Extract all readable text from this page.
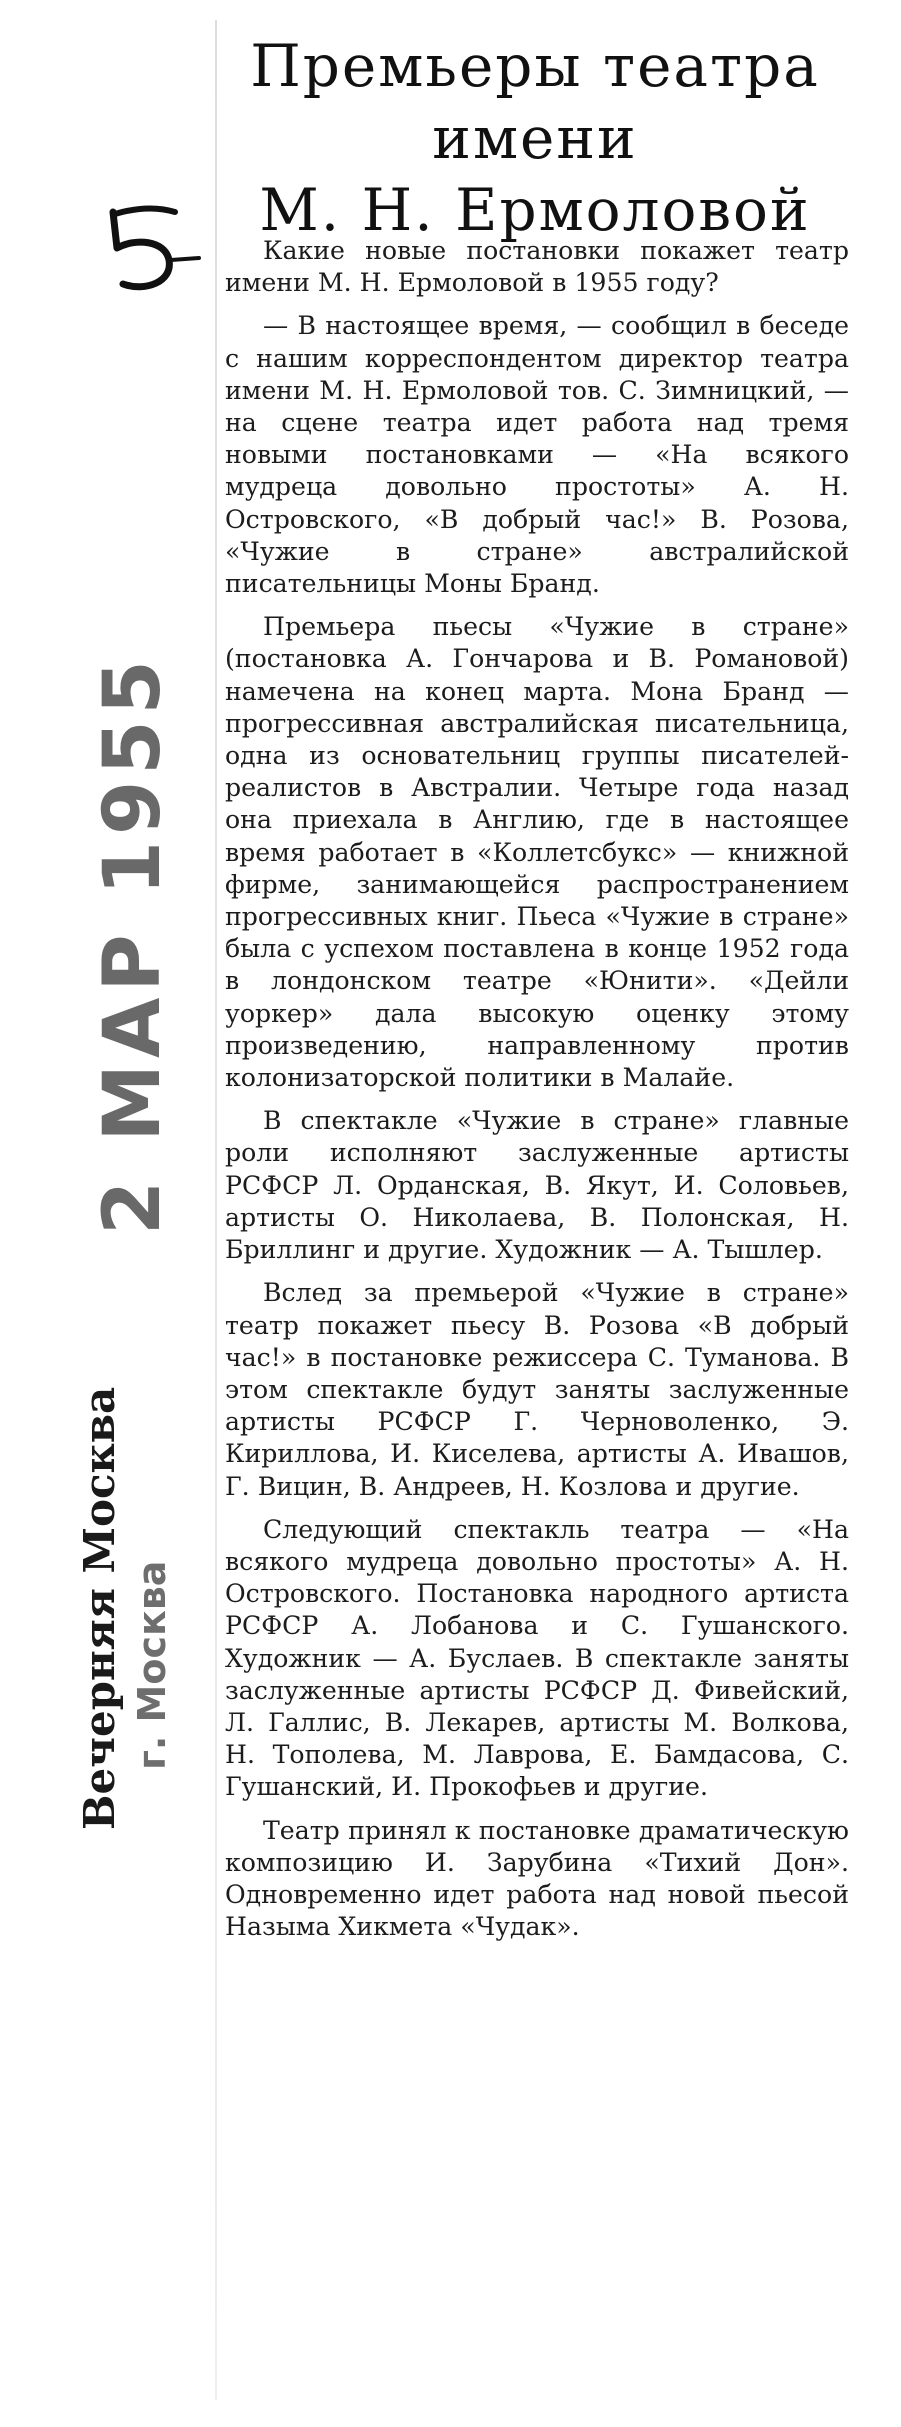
Премьеры театра
имени
М. Н. Ермоловой
2 МАР 1955
Вечерняя Москва г. Москва

Какие новые постановки покажет театр имени М. Н. Ермоловой в 1955 году?

— В настоящее время, — сообщил в беседе с нашим корреспондентом директор театра имени М. Н. Ермоловой тов. С. Зимницкий, — на сцене театра идет работа над тремя новыми постановками — «На всякого мудреца довольно простоты» А. Н. Островского, «В добрый час!» В. Розова, «Чужие в стране» австралийской писательницы Моны Бранд.

Премьера пьесы «Чужие в стране» (постановка А. Гончарова и В. Романовой) намечена на конец марта. Мона Бранд — прогрессивная австралийская писательница, одна из основательниц группы писателей-реалистов в Австралии. Четыре года назад она приехала в Англию, где в настоящее время работает в «Коллетсбукс» — книжной фирме, занимающейся распространением прогрессивных книг. Пьеса «Чужие в стране» была с успехом поставлена в конце 1952 года в лондонском театре «Юнити». «Дейли уоркер» дала высокую оценку этому произведению, направленному против колонизаторской политики в Малайе.

В спектакле «Чужие в стране» главные роли исполняют заслуженные артисты РСФСР Л. Орданская, В. Якут, И. Соловьев, артисты О. Николаева, В. Полонская, Н. Бриллинг и другие. Художник — А. Тышлер.

Вслед за премьерой «Чужие в стране» театр покажет пьесу В. Розова «В добрый час!» в постановке режиссера С. Туманова. В этом спектакле будут заняты заслуженные артисты РСФСР Г. Черноволенко, Э. Кириллова, И. Киселева, артисты А. Ивашов, Г. Вицин, В. Андреев, Н. Козлова и другие.

Следующий спектакль театра — «На всякого мудреца довольно простоты» А. Н. Островского. Постановка народного артиста РСФСР А. Лобанова и С. Гушанского. Художник — А. Буслаев. В спектакле заняты заслуженные артисты РСФСР Д. Фивейский, Л. Галлис, В. Лекарев, артисты М. Волкова, Н. Тополева, М. Лаврова, Е. Бамдасова, С. Гушанский, И. Прокофьев и другие.

Театр принял к постановке драматическую композицию И. Зарубина «Тихий Дон». Одновременно идет работа над новой пьесой Назыма Хикмета «Чудак».
